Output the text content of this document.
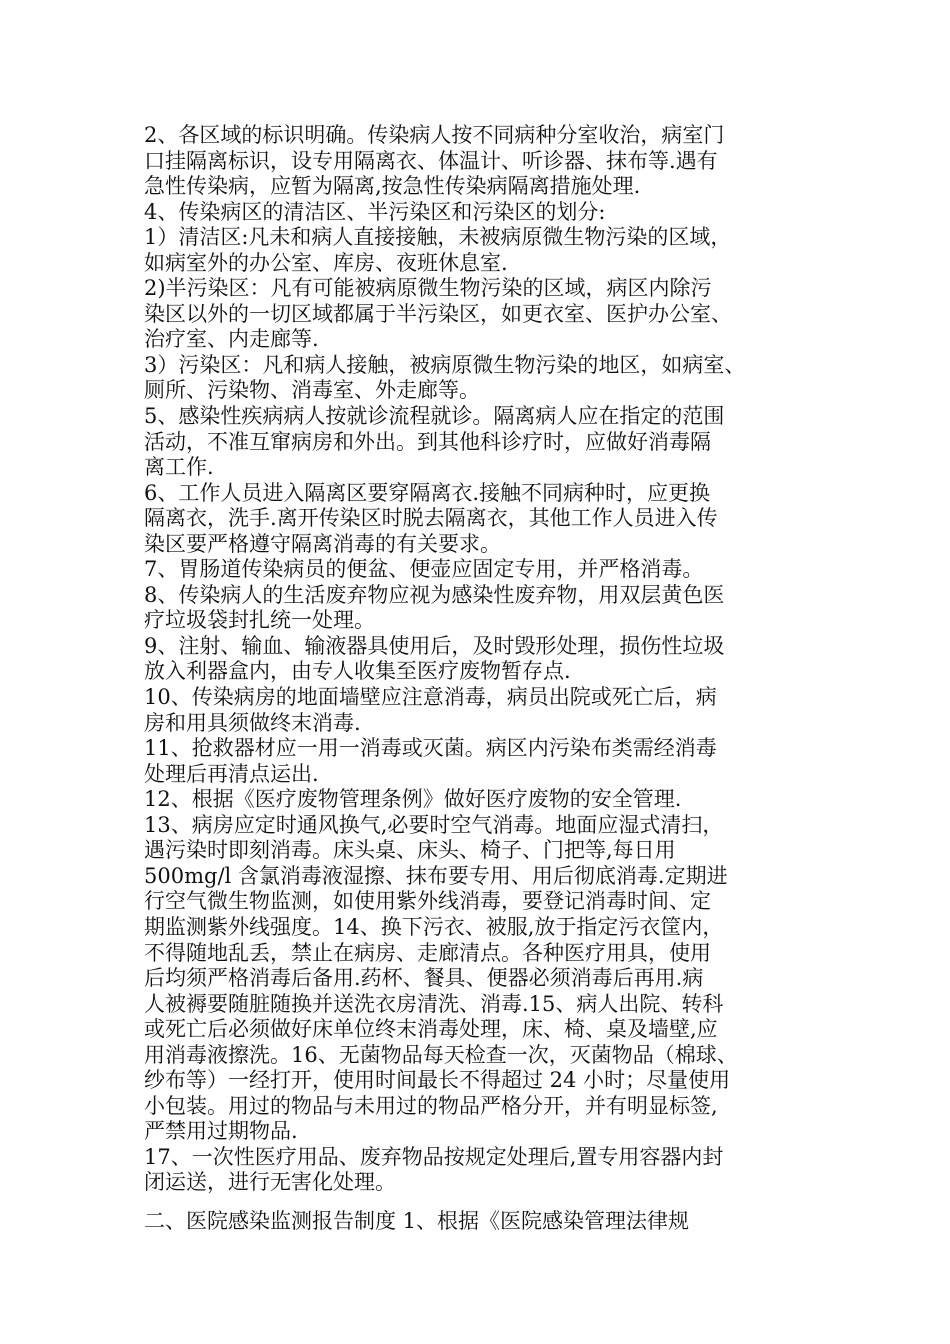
2、各区域的标识明确。传染病人按不同病种分室收治，病室门
口挂隔离标识，设专用隔离衣、体温计、听诊器、抹布等.遇有
急性传染病，应暂为隔离,按急性传染病隔离措施处理.
4、传染病区的清洁区、半污染区和污染区的划分:
1）清洁区:凡未和病人直接接触，未被病原微生物污染的区域，
如病室外的办公室、库房、夜班休息室.
2)半污染区：凡有可能被病原微生物污染的区域，病区内除污
染区以外的一切区域都属于半污染区，如更衣室、医护办公室、
治疗室、内走廊等.
3）污染区：凡和病人接触，被病原微生物污染的地区，如病室、
厕所、污染物、消毒室、外走廊等。
5、感染性疾病病人按就诊流程就诊。隔离病人应在指定的范围
活动，不准互窜病房和外出。到其他科诊疗时，应做好消毒隔
离工作.
6、工作人员进入隔离区要穿隔离衣.接触不同病种时，应更换
隔离衣，洗手.离开传染区时脱去隔离衣，其他工作人员进入传
染区要严格遵守隔离消毒的有关要求。
7、胃肠道传染病员的便盆、便壶应固定专用，并严格消毒。
8、传染病人的生活废弃物应视为感染性废弃物，用双层黄色医
疗垃圾袋封扎统一处理。
9、注射、输血、输液器具使用后，及时毁形处理，损伤性垃圾
放入利器盒内，由专人收集至医疗废物暂存点.
10、传染病房的地面墙壁应注意消毒，病员出院或死亡后，病
房和用具须做终末消毒.
11、抢救器材应一用一消毒或灭菌。病区内污染布类需经消毒
处理后再清点运出.
12、根据《医疗废物管理条例》做好医疗废物的安全管理.
13、病房应定时通风换气,必要时空气消毒。地面应湿式清扫，
遇污染时即刻消毒。床头桌、床头、椅子、门把等,每日用
500mg/l 含氯消毒液湿擦、抹布要专用、用后彻底消毒.定期进
行空气微生物监测，如使用紫外线消毒，要登记消毒时间、定
期监测紫外线强度。14、换下污衣、被服,放于指定污衣筐内，
不得随地乱丢，禁止在病房、走廊清点。各种医疗用具，使用
后均须严格消毒后备用.药杯、餐具、便器必须消毒后再用.病
人被褥要随脏随换并送洗衣房清洗、消毒.15、病人出院、转科
或死亡后必须做好床单位终末消毒处理，床、椅、桌及墙壁,应
用消毒液擦洗。16、无菌物品每天检查一次，灭菌物品（棉球、
纱布等）一经打开，使用时间最长不得超过 24 小时；尽量使用
小包装。用过的物品与未用过的物品严格分开，并有明显标签,
严禁用过期物品.
17、一次性医疗用品、废弃物品按规定处理后,置专用容器内封
闭运送，进行无害化处理。
二、医院感染监测报告制度 1、根据《医院感染管理法律规
